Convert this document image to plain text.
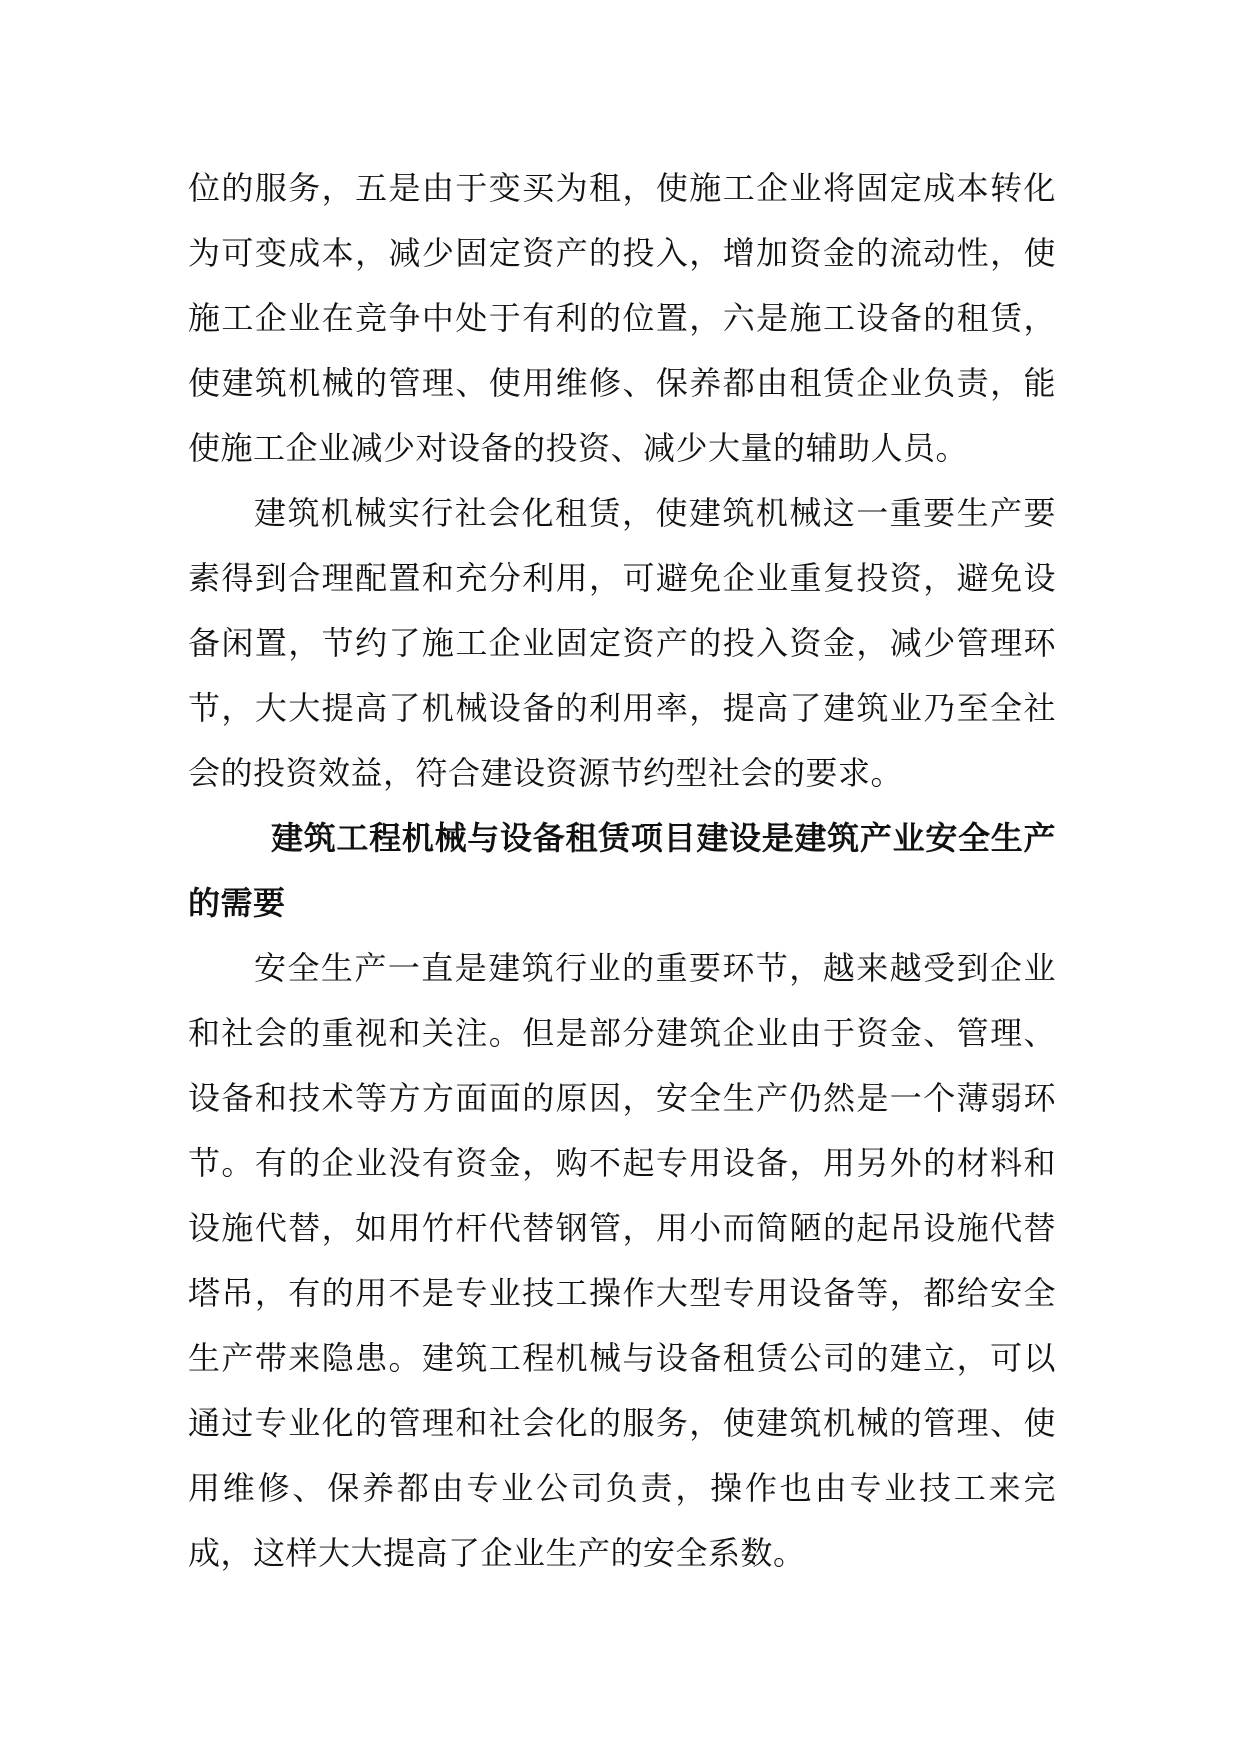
位的服务，五是由于变买为租，使施工企业将固定成本转化为可变成本，减少固定资产的投入，增加资金的流动性，使施工企业在竞争中处于有利的位置，六是施工设备的租赁，使建筑机械的管理、使用维修、保养都由租赁企业负责，能使施工企业减少对设备的投资、减少大量的辅助人员。

建筑机械实行社会化租赁，使建筑机械这一重要生产要素得到合理配置和充分利用，可避免企业重复投资，避免设备闲置，节约了施工企业固定资产的投入资金，减少管理环节，大大提高了机械设备的利用率，提高了建筑业乃至全社会的投资效益，符合建设资源节约型社会的要求。

建筑工程机械与设备租赁项目建设是建筑产业安全生产的需要

安全生产一直是建筑行业的重要环节，越来越受到企业和社会的重视和关注。但是部分建筑企业由于资金、管理、设备和技术等方方面面的原因，安全生产仍然是一个薄弱环节。有的企业没有资金，购不起专用设备，用另外的材料和设施代替，如用竹杆代替钢管，用小而简陋的起吊设施代替塔吊，有的用不是专业技工操作大型专用设备等，都给安全生产带来隐患。建筑工程机械与设备租赁公司的建立，可以通过专业化的管理和社会化的服务，使建筑机械的管理、使用维修、保养都由专业公司负责，操作也由专业技工来完成，这样大大提高了企业生产的安全系数。
